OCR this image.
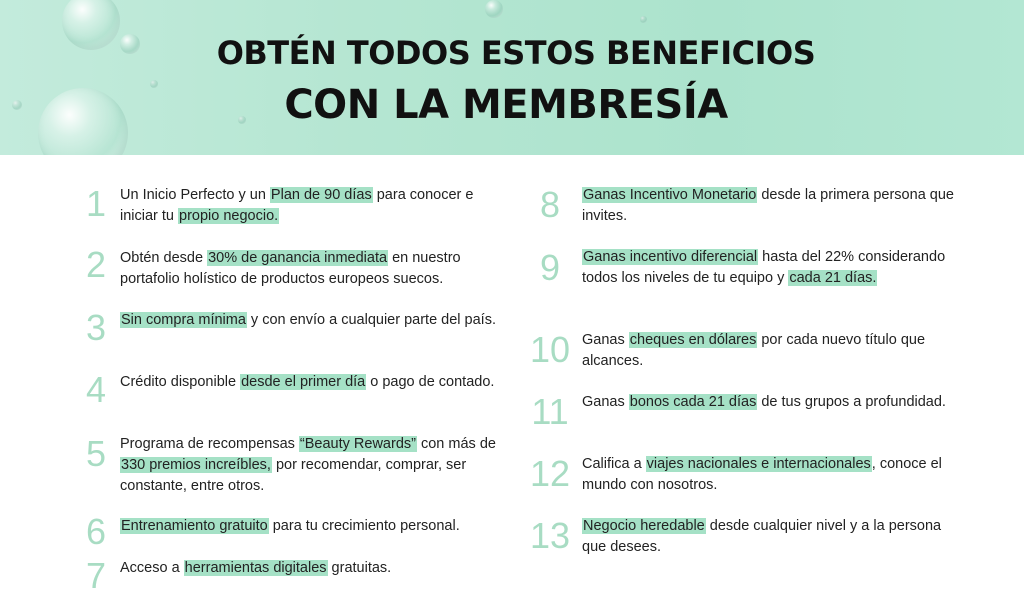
OBTÉN TODOS ESTOS BENEFICIOS
CON LA MEMBRESÍA
1 Un Inicio Perfecto y un Plan de 90 días para conocer e iniciar tu propio negocio.
2 Obtén desde 30% de ganancia inmediata en nuestro portafolio holístico de productos europeos suecos.
3	Sin compra mínima y con envío a cualquier parte del país.
4 Crédito disponible desde el primer día o pago de contado.
5 Programa de recompensas “Beauty Rewards” con más de 330 premios increíbles, por recomendar, comprar, ser constante, entre otros.
6	Entrenamiento gratuito para tu crecimiento personal.
7 Acceso a herramientas digitales gratuitas.
8	Ganas Incentivo Monetario desde la primera persona que invites.
9	Ganas incentivo diferencial hasta del 22% considerando todos los niveles de tu equipo y cada 21 días.
10 Ganas cheques en dólares por cada nuevo título que alcances.
11 Ganas bonos cada 21 días de tus grupos a profundidad.
12 Califica a viajes nacionales e internacionales, conoce el mundo con nosotros.
13 Negocio heredable desde cualquier nivel y a la persona que desees.
